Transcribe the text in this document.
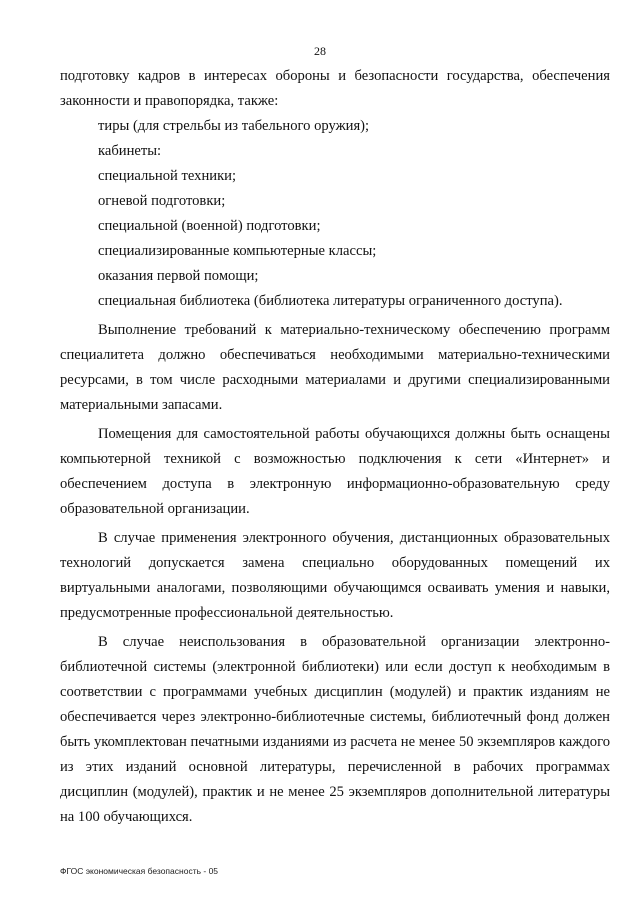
28

подготовку кадров в интересах обороны и безопасности государства, обеспечения законности и правопорядка, также:

тиры (для стрельбы из табельного оружия);

кабинеты:

специальной техники;

огневой подготовки;

специальной (военной) подготовки;

специализированные компьютерные классы;

оказания первой помощи;

специальная библиотека (библиотека литературы ограниченного доступа).

Выполнение требований к материально-техническому обеспечению программ специалитета должно обеспечиваться необходимыми материально-техническими ресурсами, в том числе расходными материалами и другими специализированными материальными запасами.

Помещения для самостоятельной работы обучающихся должны быть оснащены компьютерной техникой с возможностью подключения к сети «Интернет» и обеспечением доступа в электронную информационно-образовательную среду образовательной организации.

В случае применения электронного обучения, дистанционных образовательных технологий допускается замена специально оборудованных помещений их виртуальными аналогами, позволяющими обучающимся осваивать умения и навыки, предусмотренные профессиональной деятельностью.

В случае неиспользования в образовательной организации электронно-библиотечной системы (электронной библиотеки) или если доступ к необходимым в соответствии с программами учебных дисциплин (модулей) и практик изданиям не обеспечивается через электронно-библиотечные системы, библиотечный фонд должен быть укомплектован печатными изданиями из расчета не менее 50 экземпляров каждого из этих изданий основной литературы, перечисленной в рабочих программах дисциплин (модулей), практик и не менее 25 экземпляров дополнительной литературы на 100 обучающихся.

ФГОС экономическая безопасность - 05
